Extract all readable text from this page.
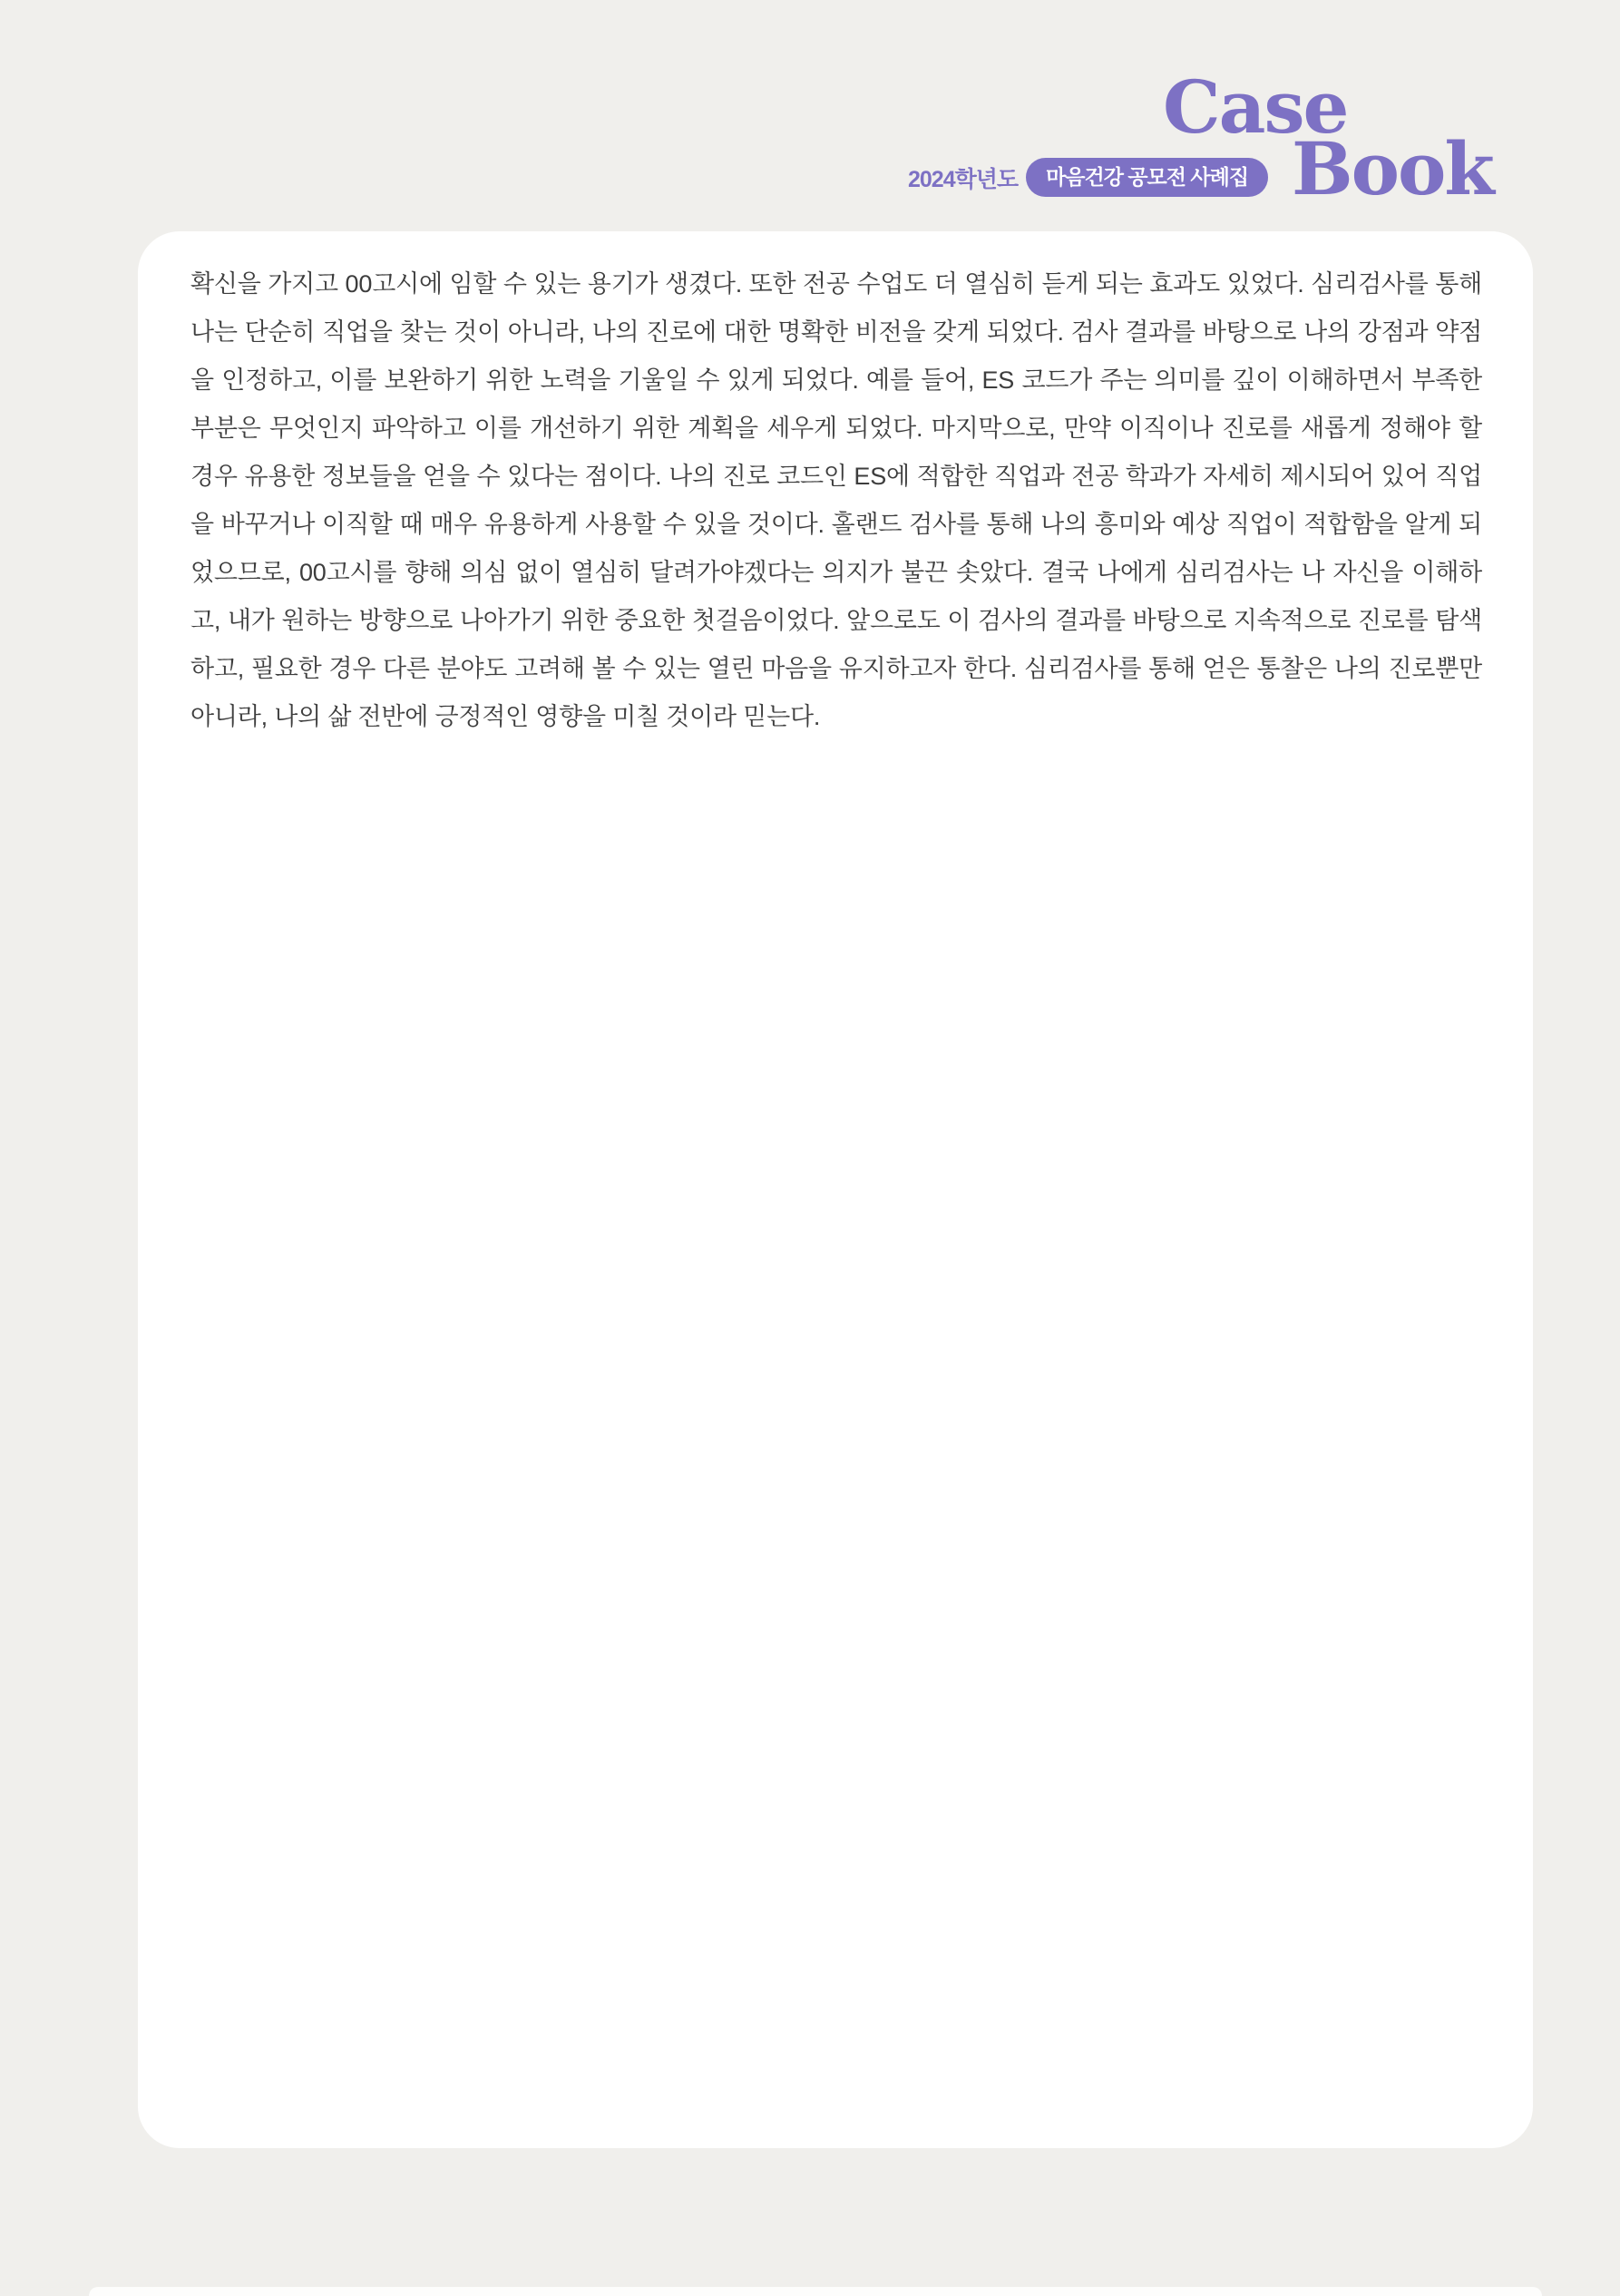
Case
Book
2024학년도	마음건강 공모전 사례집

확신을 가지고 00고시에 임할 수 있는 용기가 생겼다. 또한 전공 수업도 더 열심히 듣게 되는 효과도 있었다. 심리검사를 통해 나는 단순히 직업을 찾는 것이 아니라, 나의 진로에 대한 명확한 비전을 갖게 되었다. 검사 결과를 바탕으로 나의 강점과 약점을 인정하고, 이를 보완하기 위한 노력을 기울일 수 있게 되었다. 예를 들어, ES 코드가 주는 의미를 깊이 이해하면서 부족한 부분은 무엇인지 파악하고 이를 개선하기 위한 계획을 세우게 되었다. 마지막으로, 만약 이직이나 진로를 새롭게 정해야 할 경우 유용한 정보들을 얻을 수 있다는 점이다. 나의 진로 코드인 ES에 적합한 직업과 전공 학과가 자세히 제시되어 있어 직업을 바꾸거나 이직할 때 매우 유용하게 사용할 수 있을 것이다. 홀랜드 검사를 통해 나의 흥미와 예상 직업이 적합함을 알게 되었으므로, 00고시를 향해 의심 없이 열심히 달려가야겠다는 의지가 불끈 솟았다. 결국 나에게 심리검사는 나 자신을 이해하고, 내가 원하는 방향으로 나아가기 위한 중요한 첫걸음이었다. 앞으로도 이 검사의 결과를 바탕으로 지속적으로 진로를 탐색하고, 필요한 경우 다른 분야도 고려해 볼 수 있는 열린 마음을 유지하고자 한다. 심리검사를 통해 얻은 통찰은 나의 진로뿐만 아니라, 나의 삶 전반에 긍정적인 영향을 미칠 것이라 믿는다.
